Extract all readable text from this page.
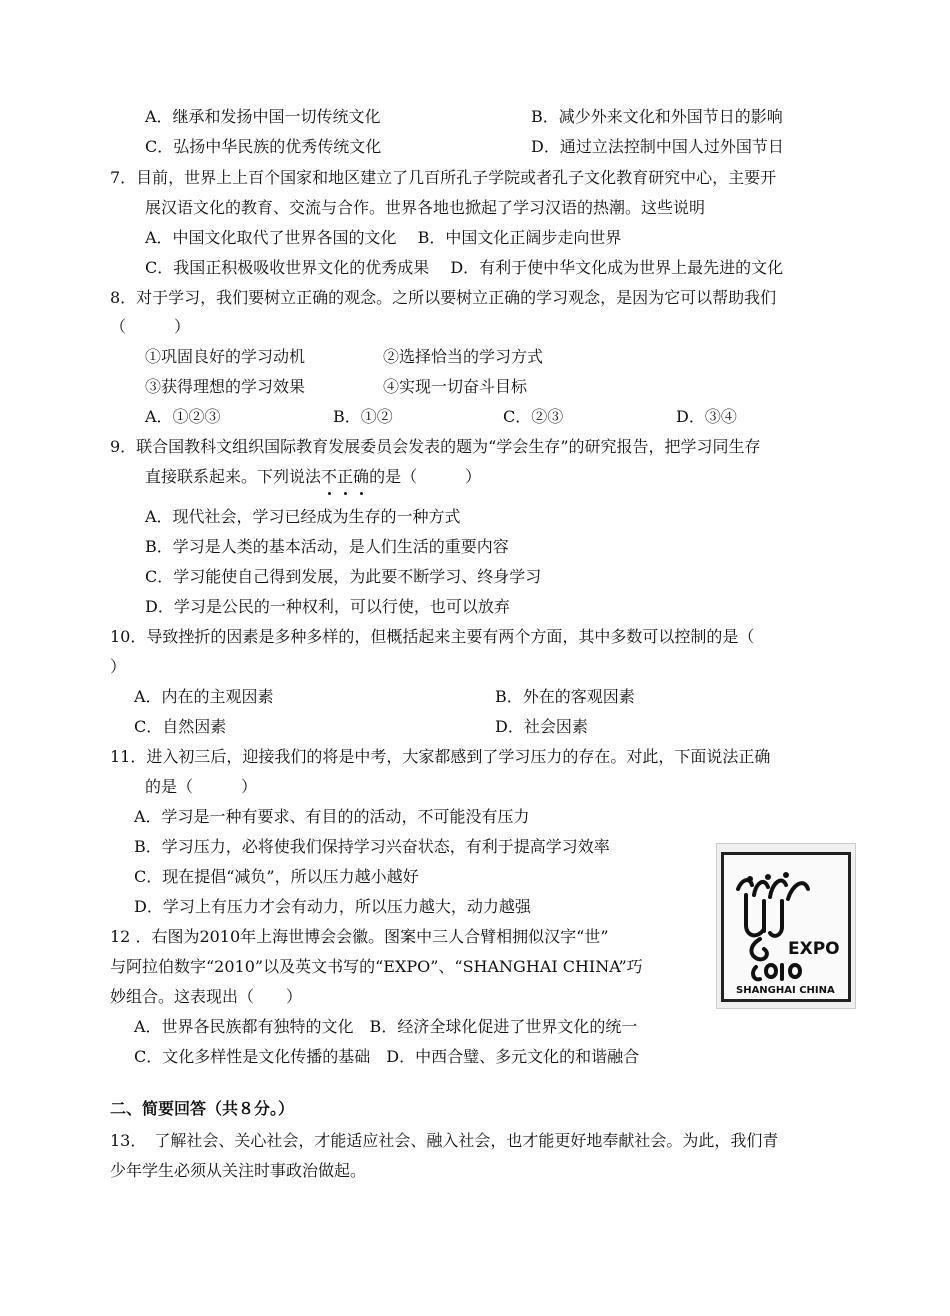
A．继承和发扬中国一切传统文化	B．减少外来文化和外国节日的影响
C．弘扬中华民族的优秀传统文化	D．通过立法控制中国人过外国节日
7．目前，世界上上百个国家和地区建立了几百所孔子学院或者孔子文化教育研究中心，主要开
展汉语文化的教育、交流与合作。世界各地也掀起了学习汉语的热潮。这些说明
A．中国文化取代了世界各国的文化　 B．中国文化正阔步走向世界
C．我国正积极吸收世界文化的优秀成果　 D．有利于使中华文化成为世界上最先进的文化
8．对于学习，我们要树立正确的观念。之所以要树立正确的学习观念，是因为它可以帮助我们
（　　　）
①巩固良好的学习动机	②选择恰当的学习方式
③获得理想的学习效果	④实现一切奋斗目标
A．①②③	B．①②	C．②③	D．③④
9．联合国教科文组织国际教育发展委员会发表的题为“学会生存”的研究报告，把学习同生存
直接联系起来。下列说法不正确的是（　　　）
A．现代社会，学习已经成为生存的一种方式
B．学习是人类的基本活动，是人们生活的重要内容
C．学习能使自己得到发展，为此要不断学习、终身学习
D．学习是公民的一种权利，可以行使，也可以放弃
10．导致挫折的因素是多种多样的，但概括起来主要有两个方面，其中多数可以控制的是（
）
A．内在的主观因素	B．外在的客观因素
C．自然因素	D．社会因素
11．进入初三后，迎接我们的将是中考，大家都感到了学习压力的存在。对此，下面说法正确
的是（　　　）
A．学习是一种有要求、有目的的活动，不可能没有压力
B．学习压力，必将使我们保持学习兴奋状态，有利于提高学习效率
C．现在提倡“减负”，所以压力越小越好
D．学习上有压力才会有动力，所以压力越大，动力越强
12 ．右图为2010年上海世博会会徽。图案中三人合臂相拥似汉字“世”
与阿拉伯数字“2010”以及英文书写的“EXPO”、“SHANGHAI CHINA”巧
妙组合。这表现出（　　）
A．世界各民族都有独特的文化　B．经济全球化促进了世界文化的统一
C．文化多样性是文化传播的基础　D．中西合璧、多元文化的和谐融合
EXPO
SHANGHAI CHINA
二、简要回答（共８分。）
13．　了解社会、关心社会，才能适应社会、融入社会，也才能更好地奉献社会。为此，我们青
少年学生必须从关注时事政治做起。
